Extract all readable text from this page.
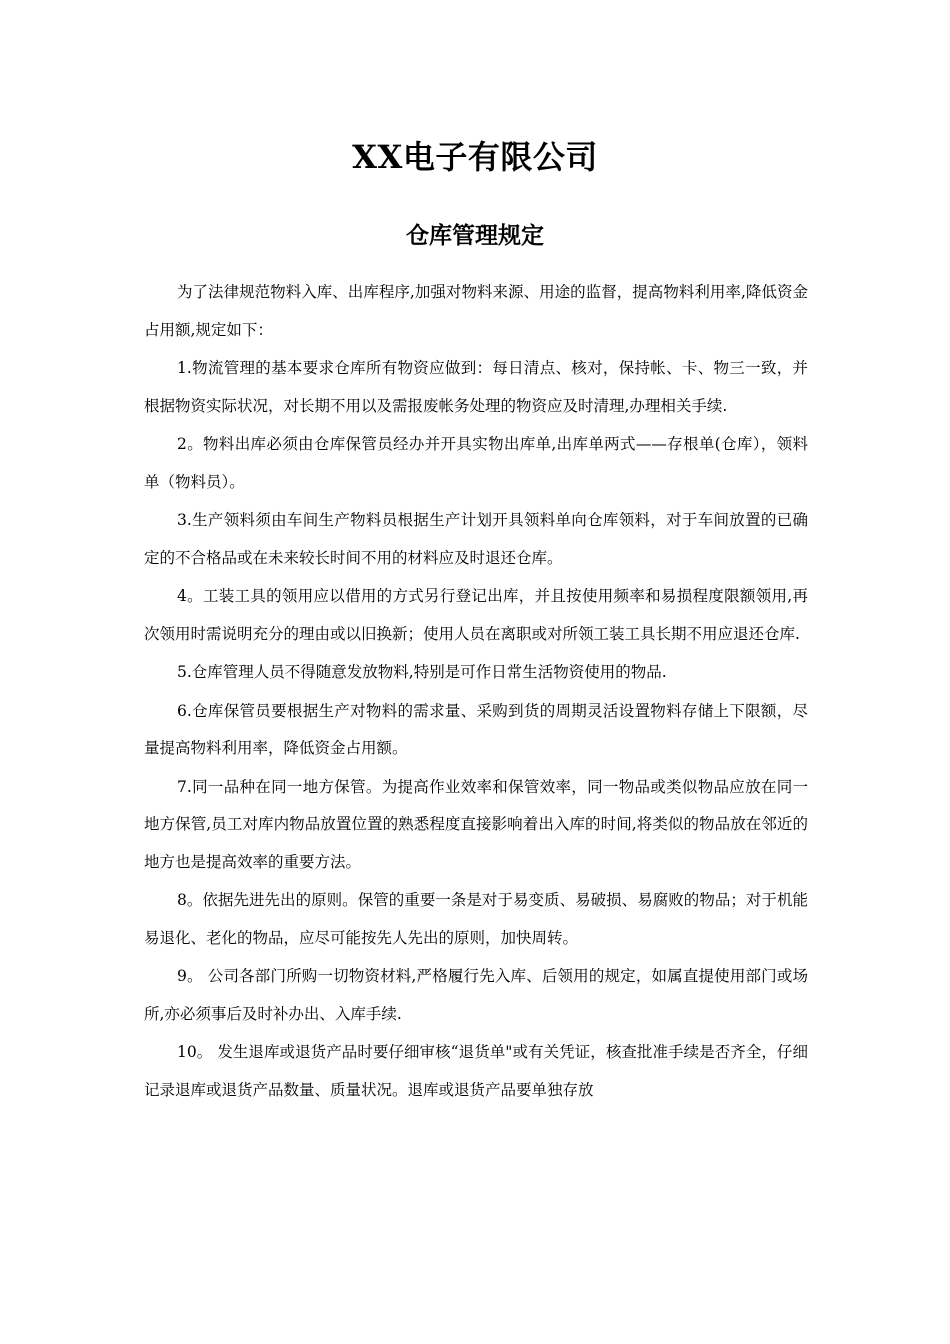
XX电子有限公司
仓库管理规定

为了法律规范物料入库、出库程序,加强对物料来源、用途的监督，提高物料利用率,降低资金占用额,规定如下：

1.物流管理的基本要求仓库所有物资应做到：每日清点、核对，保持帐、卡、物三一致，并根据物资实际状况，对长期不用以及需报废帐务处理的物资应及时清理,办理相关手续.

2。物料出库必须由仓库保管员经办并开具实物出库单,出库单两式——存根单(仓库），领料单（物料员）。

3.生产领料须由车间生产物料员根据生产计划开具领料单向仓库领料，对于车间放置的已确定的不合格品或在未来较长时间不用的材料应及时退还仓库。

4。工装工具的领用应以借用的方式另行登记出库，并且按使用频率和易损程度限额领用,再次领用时需说明充分的理由或以旧换新；使用人员在离职或对所领工装工具长期不用应退还仓库.

5.仓库管理人员不得随意发放物料,特别是可作日常生活物资使用的物品.

6.仓库保管员要根据生产对物料的需求量、采购到货的周期灵活设置物料存储上下限额，尽量提高物料利用率，降低资金占用额。

7.同一品种在同一地方保管。为提高作业效率和保管效率，同一物品或类似物品应放在同一地方保管,员工对库内物品放置位置的熟悉程度直接影响着出入库的时间,将类似的物品放在邻近的地方也是提高效率的重要方法。

8。依据先进先出的原则。保管的重要一条是对于易变质、易破损、易腐败的物品；对于机能易退化、老化的物品，应尽可能按先人先出的原则，加快周转。

9。 公司各部门所购一切物资材料,严格履行先入库、后领用的规定，如属直提使用部门或场所,亦必须事后及时补办出、入库手续.

10。 发生退库或退货产品时要仔细审核“退货单"或有关凭证，核查批准手续是否齐全，仔细记录退库或退货产品数量、质量状况。退库或退货产品要单独存放
